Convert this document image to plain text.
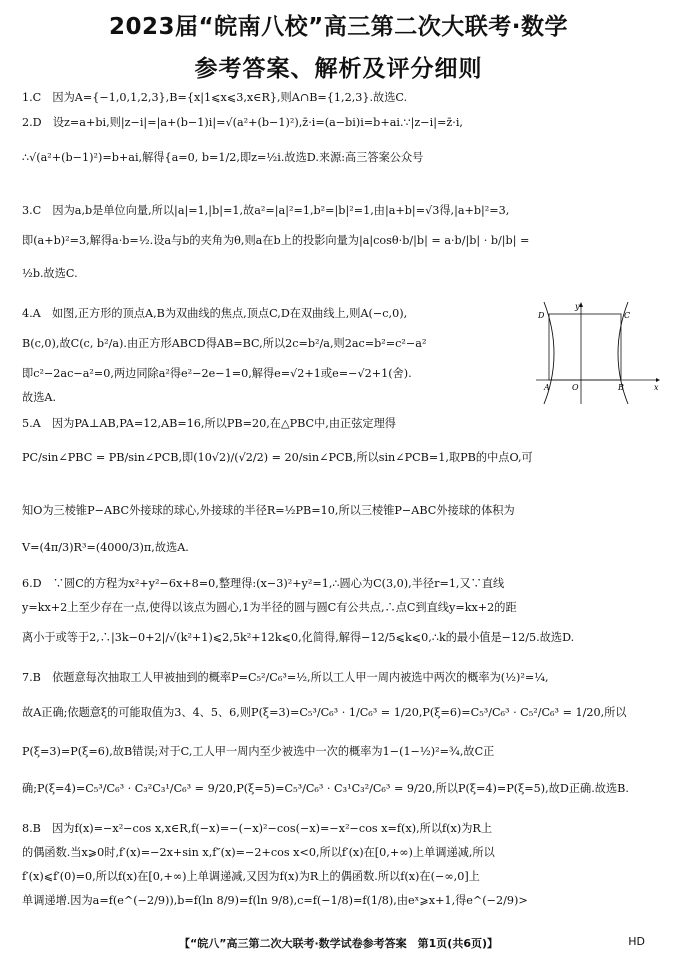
2023届“皖南八校”高三第二次大联考·数学
参考答案、解析及评分细则
1.C　因为A={−1,0,1,2,3},B={x|1⩽x⩽3,x∈R},则A∩B={1,2,3}.故选C.
2.D　设z=a+bi,则|z−i|=|a+(b−1)i|=√(a²+(b−1)²),z̄·i=(a−bi)i=b+ai.∵|z−i|=z̄·i,
∴√(a²+(b−1)²)=b+ai,解得{a=0, b=1/2,即z=½i.故选D.来源:高三答案公众号
3.C　因为a,b是单位向量,所以|a|=1,|b|=1,故a²=|a|²=1,b²=|b|²=1,由|a+b|=√3得,|a+b|²=3,
即(a+b)²=3,解得a·b=½.设a与b的夹角为θ,则a在b上的投影向量为|a|cosθ·b/|b| = a·b/|b| · b/|b| =
½b.故选C.
4.A　如图,正方形的顶点A,B为双曲线的焦点,顶点C,D在双曲线上,则A(−c,0),
B(c,0),故C(c, b²/a).由正方形ABCD得AB=BC,所以2c=b²/a,则2ac=b²=c²−a²
即c²−2ac−a²=0,两边同除a²得e²−2e−1=0,解得e=√2+1或e=−√2+1(舍).
故选A.
5.A　因为PA⊥AB,PA=12,AB=16,所以PB=20,在△PBC中,由正弦定理得
PC/sin∠PBC = PB/sin∠PCB,即(10√2)/(√2/2) = 20/sin∠PCB,所以sin∠PCB=1,取PB的中点O,可
知O为三棱锥P−ABC外接球的球心,外接球的半径R=½PB=10,所以三棱锥P−ABC外接球的体积为
V=(4π/3)R³=(4000/3)π,故选A.
6.D　∵圆C的方程为x²+y²−6x+8=0,整理得:(x−3)²+y²=1,∴圆心为C(3,0),半径r=1,又∵直线
y=kx+2上至少存在一点,使得以该点为圆心,1为半径的圆与圆C有公共点,∴点C到直线y=kx+2的距
离小于或等于2,∴|3k−0+2|/√(k²+1)⩽2,5k²+12k⩽0,化简得,解得−12/5⩽k⩽0,∴k的最小值是−12/5.故选D.
7.B　依题意每次抽取工人甲被抽到的概率P=C₅²/C₆³=½,所以工人甲一周内被选中两次的概率为(½)²=¼,
故A正确;依题意ξ的可能取值为3、4、5、6,则P(ξ=3)=C₅³/C₆³ · 1/C₆³ = 1/20,P(ξ=6)=C₅³/C₆³ · C₅²/C₆³ = 1/20,所以
P(ξ=3)=P(ξ=6),故B错误;对于C,工人甲一周内至少被选中一次的概率为1−(1−½)²=¾,故C正
确;P(ξ=4)=C₅³/C₆³ · C₃²C₃¹/C₆³ = 9/20,P(ξ=5)=C₅³/C₆³ · C₃¹C₃²/C₆³ = 9/20,所以P(ξ=4)=P(ξ=5),故D正确.故选B.
8.B　因为f(x)=−x²−cos x,x∈R,f(−x)=−(−x)²−cos(−x)=−x²−cos x=f(x),所以f(x)为R上
的偶函数.当x⩾0时,f′(x)=−2x+sin x,f″(x)=−2+cos x<0,所以f′(x)在[0,+∞)上单调递减,所以
f′(x)⩽f′(0)=0,所以f(x)在[0,+∞)上单调递减,又因为f(x)为R上的偶函数.所以f(x)在(−∞,0]上
单调递增.因为a=f(e^(−2/9)),b=f(ln 8/9)=f(ln 9/8),c=f(−1/8)=f(1/8),由eˣ⩾x+1,得e^(−2/9)>
y
D	C
A	O	B	x
【“皖八”高三第二次大联考·数学试卷参考答案　第1页(共6页)】	HD
